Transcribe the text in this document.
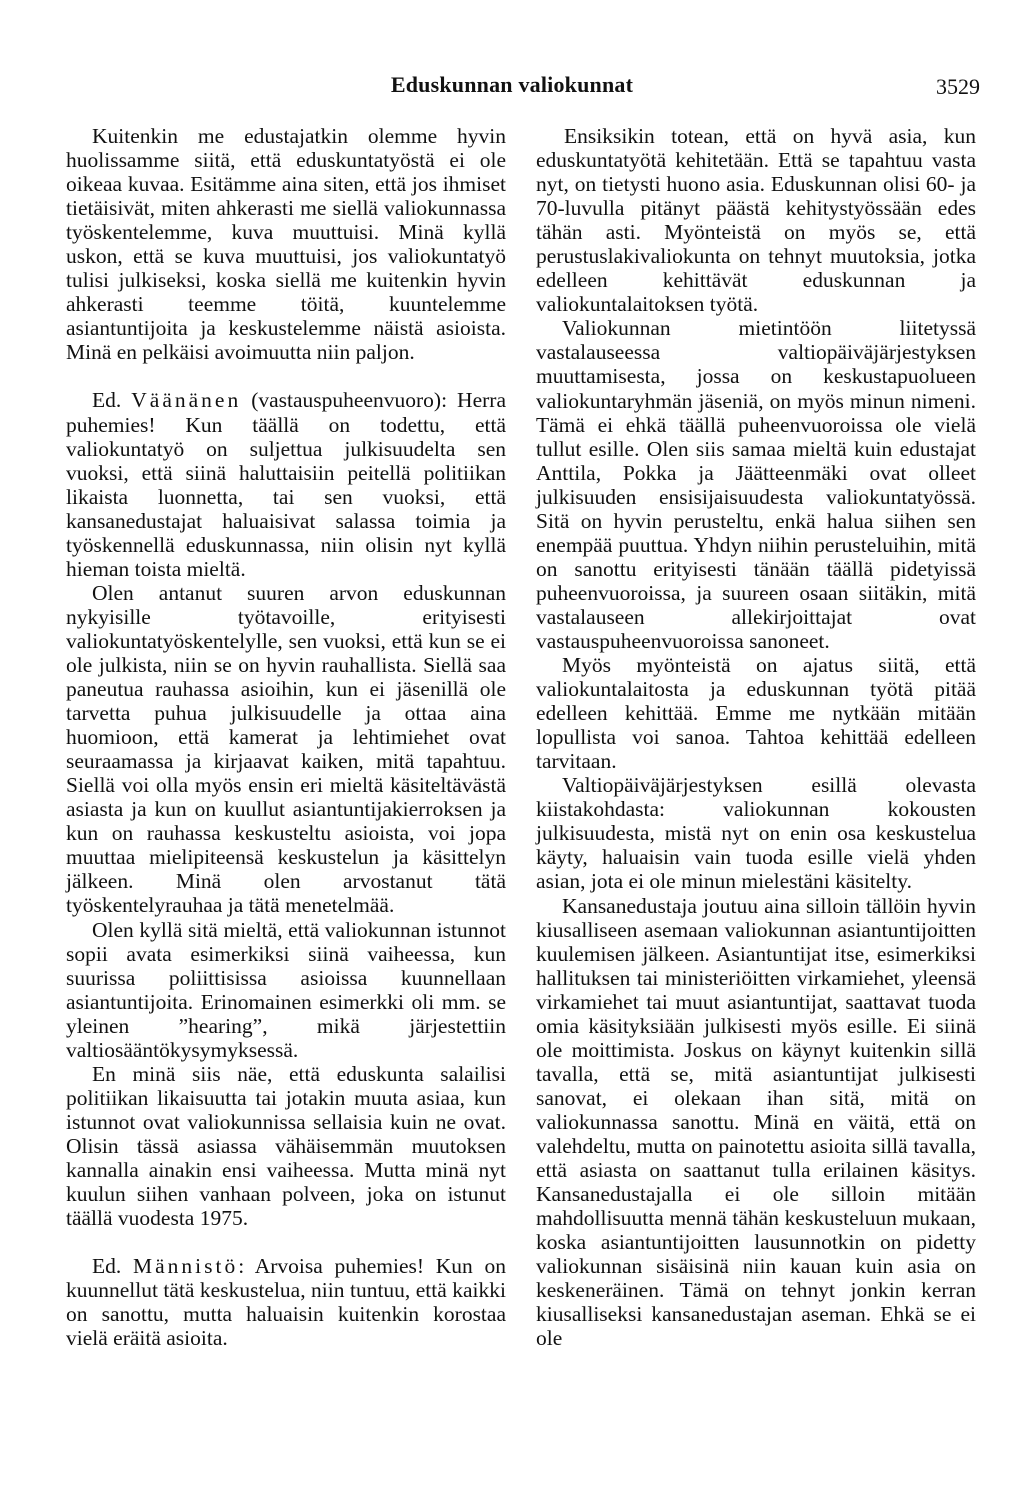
Eduskunnan valiokunnat	3529

Kuitenkin me edustajatkin olemme hyvin huolissamme siitä, että eduskuntatyöstä ei ole oikeaa kuvaa. Esitämme aina siten, että jos ihmiset tietäisivät, miten ahkerasti me siellä valiokunnassa työskentelemme, kuva muuttuisi. Minä kyllä uskon, että se kuva muuttuisi, jos valiokuntatyö tulisi julkiseksi, koska siellä me kuitenkin hyvin ahkerasti teemme töitä, kuuntelemme asiantuntijoita ja keskustelemme näistä asioista. Minä en pelkäisi avoimuutta niin paljon.

Ed. Väänänen (vastauspuheenvuoro): Herra puhemies! Kun täällä on todettu, että valiokuntatyö on suljettua julkisuudelta sen vuoksi, että siinä haluttaisiin peitellä politiikan likaista luonnetta, tai sen vuoksi, että kansanedustajat haluaisivat salassa toimia ja työskennellä eduskunnassa, niin olisin nyt kyllä hieman toista mieltä.

Olen antanut suuren arvon eduskunnan nykyisille työtavoille, erityisesti valiokuntatyöskentelylle, sen vuoksi, että kun se ei ole julkista, niin se on hyvin rauhallista. Siellä saa paneutua rauhassa asioihin, kun ei jäsenillä ole tarvetta puhua julkisuudelle ja ottaa aina huomioon, että kamerat ja lehtimiehet ovat seuraamassa ja kirjaavat kaiken, mitä tapahtuu. Siellä voi olla myös ensin eri mieltä käsiteltävästä asiasta ja kun on kuullut asiantuntijakierroksen ja kun on rauhassa keskusteltu asioista, voi jopa muuttaa mielipiteensä keskustelun ja käsittelyn jälkeen. Minä olen arvostanut tätä työskentelyrauhaa ja tätä menetelmää.

Olen kyllä sitä mieltä, että valiokunnan istunnot sopii avata esimerkiksi siinä vaiheessa, kun suurissa poliittisissa asioissa kuunnellaan asiantuntijoita. Erinomainen esimerkki oli mm. se yleinen ”hearing”, mikä järjestettiin valtiosääntökysymyksessä.

En minä siis näe, että eduskunta salailisi politiikan likaisuutta tai jotakin muuta asiaa, kun istunnot ovat valiokunnissa sellaisia kuin ne ovat. Olisin tässä asiassa vähäisemmän muutoksen kannalla ainakin ensi vaiheessa. Mutta minä nyt kuulun siihen vanhaan polveen, joka on istunut täällä vuodesta 1975.

Ed. Männistö: Arvoisa puhemies! Kun on kuunnellut tätä keskustelua, niin tuntuu, että kaikki on sanottu, mutta haluaisin kuitenkin korostaa vielä eräitä asioita.

Ensiksikin totean, että on hyvä asia, kun eduskuntatyötä kehitetään. Että se tapahtuu vasta nyt, on tietysti huono asia. Eduskunnan olisi 60- ja 70-luvulla pitänyt päästä kehitystyössään edes tähän asti. Myönteistä on myös se, että perustuslakivaliokunta on tehnyt muutoksia, jotka edelleen kehittävät eduskunnan ja valiokuntalaitoksen työtä.

Valiokunnan mietintöön liitetyssä vastalauseessa valtiopäiväjärjestyksen muuttamisesta, jossa on keskustapuolueen valiokuntaryhmän jäseniä, on myös minun nimeni. Tämä ei ehkä täällä puheenvuoroissa ole vielä tullut esille. Olen siis samaa mieltä kuin edustajat Anttila, Pokka ja Jäätteenmäki ovat olleet julkisuuden ensisijaisuudesta valiokuntatyössä. Sitä on hyvin perusteltu, enkä halua siihen sen enempää puuttua. Yhdyn niihin perusteluihin, mitä on sanottu erityisesti tänään täällä pidetyissä puheenvuoroissa, ja suureen osaan siitäkin, mitä vastalauseen allekirjoittajat ovat vastauspuheenvuoroissa sanoneet.

Myös myönteistä on ajatus siitä, että valiokuntalaitosta ja eduskunnan työtä pitää edelleen kehittää. Emme me nytkään mitään lopullista voi sanoa. Tahtoa kehittää edelleen tarvitaan.

Valtiopäiväjärjestyksen esillä olevasta kiistakohdasta: valiokunnan kokousten julkisuudesta, mistä nyt on enin osa keskustelua käyty, haluaisin vain tuoda esille vielä yhden asian, jota ei ole minun mielestäni käsitelty.

Kansanedustaja joutuu aina silloin tällöin hyvin kiusalliseen asemaan valiokunnan asiantuntijoitten kuulemisen jälkeen. Asiantuntijat itse, esimerkiksi hallituksen tai ministeriöitten virkamiehet, yleensä virkamiehet tai muut asiantuntijat, saattavat tuoda omia käsityksiään julkisesti myös esille. Ei siinä ole moittimista. Joskus on käynyt kuitenkin sillä tavalla, että se, mitä asiantuntijat julkisesti sanovat, ei olekaan ihan sitä, mitä on valiokunnassa sanottu. Minä en väitä, että on valehdeltu, mutta on painotettu asioita sillä tavalla, että asiasta on saattanut tulla erilainen käsitys. Kansanedustajalla ei ole silloin mitään mahdollisuutta mennä tähän keskusteluun mukaan, koska asiantuntijoitten lausunnotkin on pidetty valiokunnan sisäisinä niin kauan kuin asia on keskeneräinen. Tämä on tehnyt jonkin kerran kiusalliseksi kansanedustajan aseman. Ehkä se ei ole
